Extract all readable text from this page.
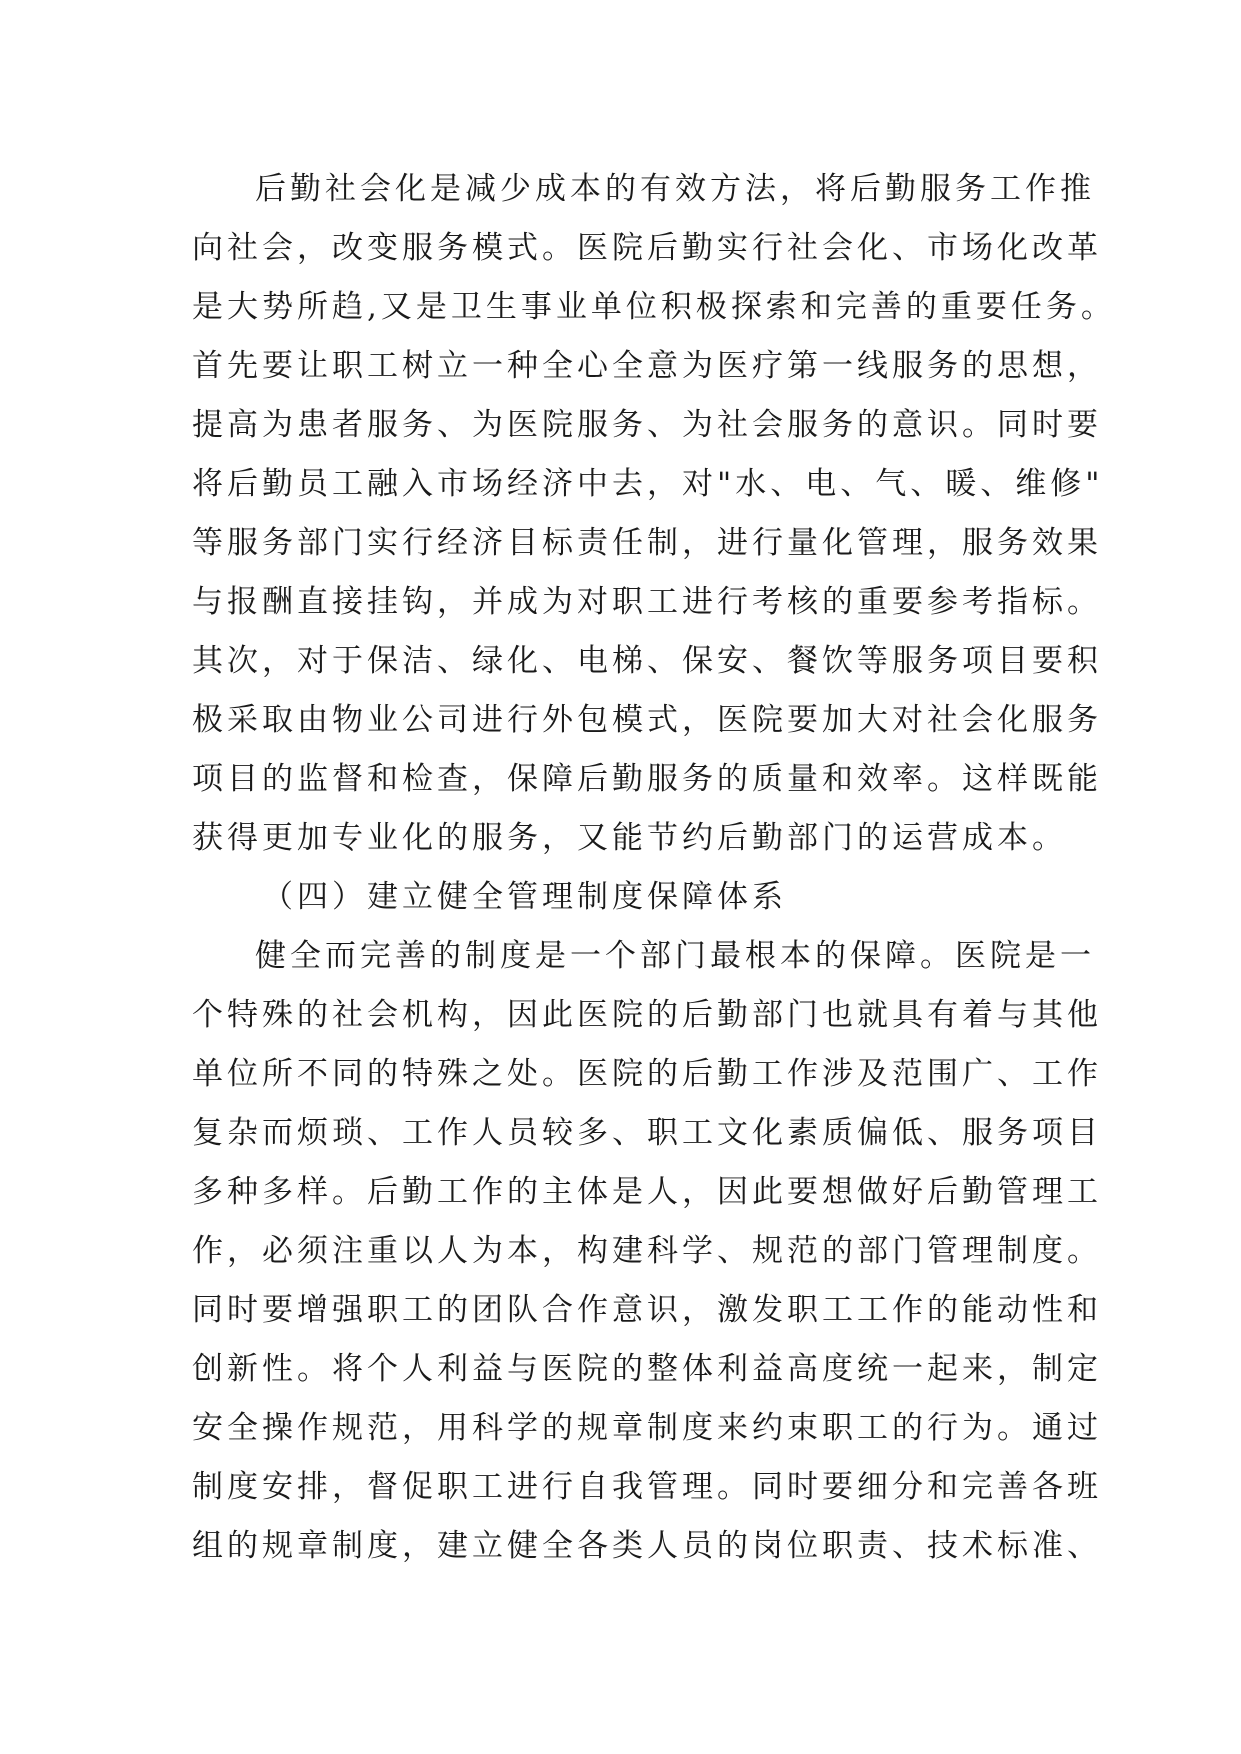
后勤社会化是减少成本的有效方法，将后勤服务工作推
向社会，改变服务模式。医院后勤实行社会化、市场化改革
是大势所趋,又是卫生事业单位积极探索和完善的重要任务。
首先要让职工树立一种全心全意为医疗第一线服务的思想，
提高为患者服务、为医院服务、为社会服务的意识。同时要
将后勤员工融入市场经济中去，对"水、电、气、暖、维修"
等服务部门实行经济目标责任制，进行量化管理，服务效果
与报酬直接挂钩，并成为对职工进行考核的重要参考指标。
其次，对于保洁、绿化、电梯、保安、餐饮等服务项目要积
极采取由物业公司进行外包模式，医院要加大对社会化服务
项目的监督和检查，保障后勤服务的质量和效率。这样既能
获得更加专业化的服务，又能节约后勤部门的运营成本。
（四）建立健全管理制度保障体系
健全而完善的制度是一个部门最根本的保障。医院是一
个特殊的社会机构，因此医院的后勤部门也就具有着与其他
单位所不同的特殊之处。医院的后勤工作涉及范围广、工作
复杂而烦琐、工作人员较多、职工文化素质偏低、服务项目
多种多样。后勤工作的主体是人，因此要想做好后勤管理工
作，必须注重以人为本，构建科学、规范的部门管理制度。
同时要增强职工的团队合作意识，激发职工工作的能动性和
创新性。将个人利益与医院的整体利益高度统一起来，制定
安全操作规范，用科学的规章制度来约束职工的行为。通过
制度安排，督促职工进行自我管理。同时要细分和完善各班
组的规章制度，建立健全各类人员的岗位职责、技术标准、
